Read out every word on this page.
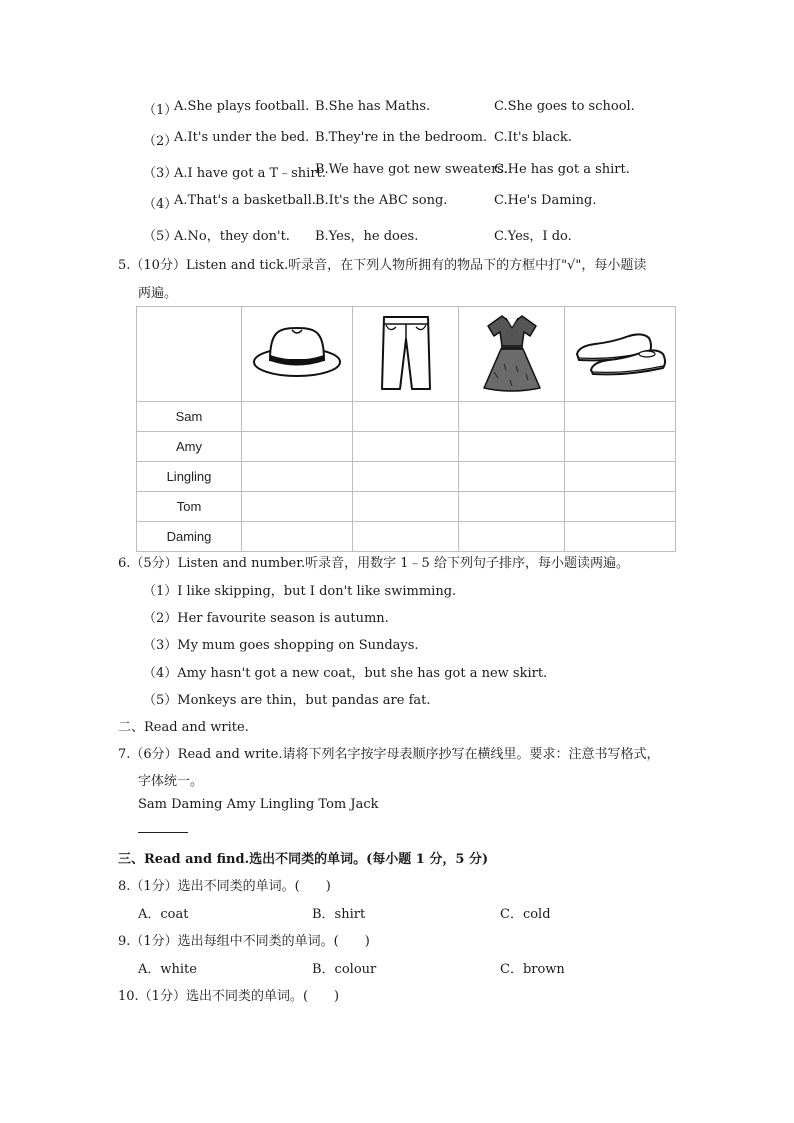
（1）
A.She plays football. B.She has Maths.	C.She goes to school.
（2）
A.It's under the bed. B.They're in the bedroom. C.It's black.
（3）
A.I have got a T﹣shirt.
B.We have got new sweaters.
C.He has got a shirt.
（4）
A.That's a basketball. B.It's the ABC song.	C.He's Daming.
（5）
A.No，they don't. B.Yes，he does.	C.Yes，I do.
5.（10分）Listen and tick.听录音，在下列人物所拥有的物品下的方框中打"√"，每小题读
两遍。

Sam				
Amy				
Lingling				
Tom				
Daming				
6.（5分）Listen and number.听录音，用数字 1﹣5 给下列句子排序，每小题读两遍。
（1）I like skipping，but I don't like swimming.
（2）Her favourite season is autumn.
（3）My mum goes shopping on Sundays.
（4）Amy hasn't got a new coat，but she has got a new skirt.
（5）Monkeys are thin，but pandas are fat.
二、Read and write.
7.（6分）Read and write.请将下列名字按字母表顺序抄写在横线里。要求：注意书写格式，
字体统一。
Sam Daming Amy Lingling Tom Jack
三、Read and find.选出不同类的单词。(每小题 1 分，5 分)
8.（1分）选出不同类的单词。(　　)
A．coat	B．shirt	C．cold
9.（1分）选出每组中不同类的单词。(　　)
A．white	B．colour	C．brown
10.（1分）选出不同类的单词。(　　)
